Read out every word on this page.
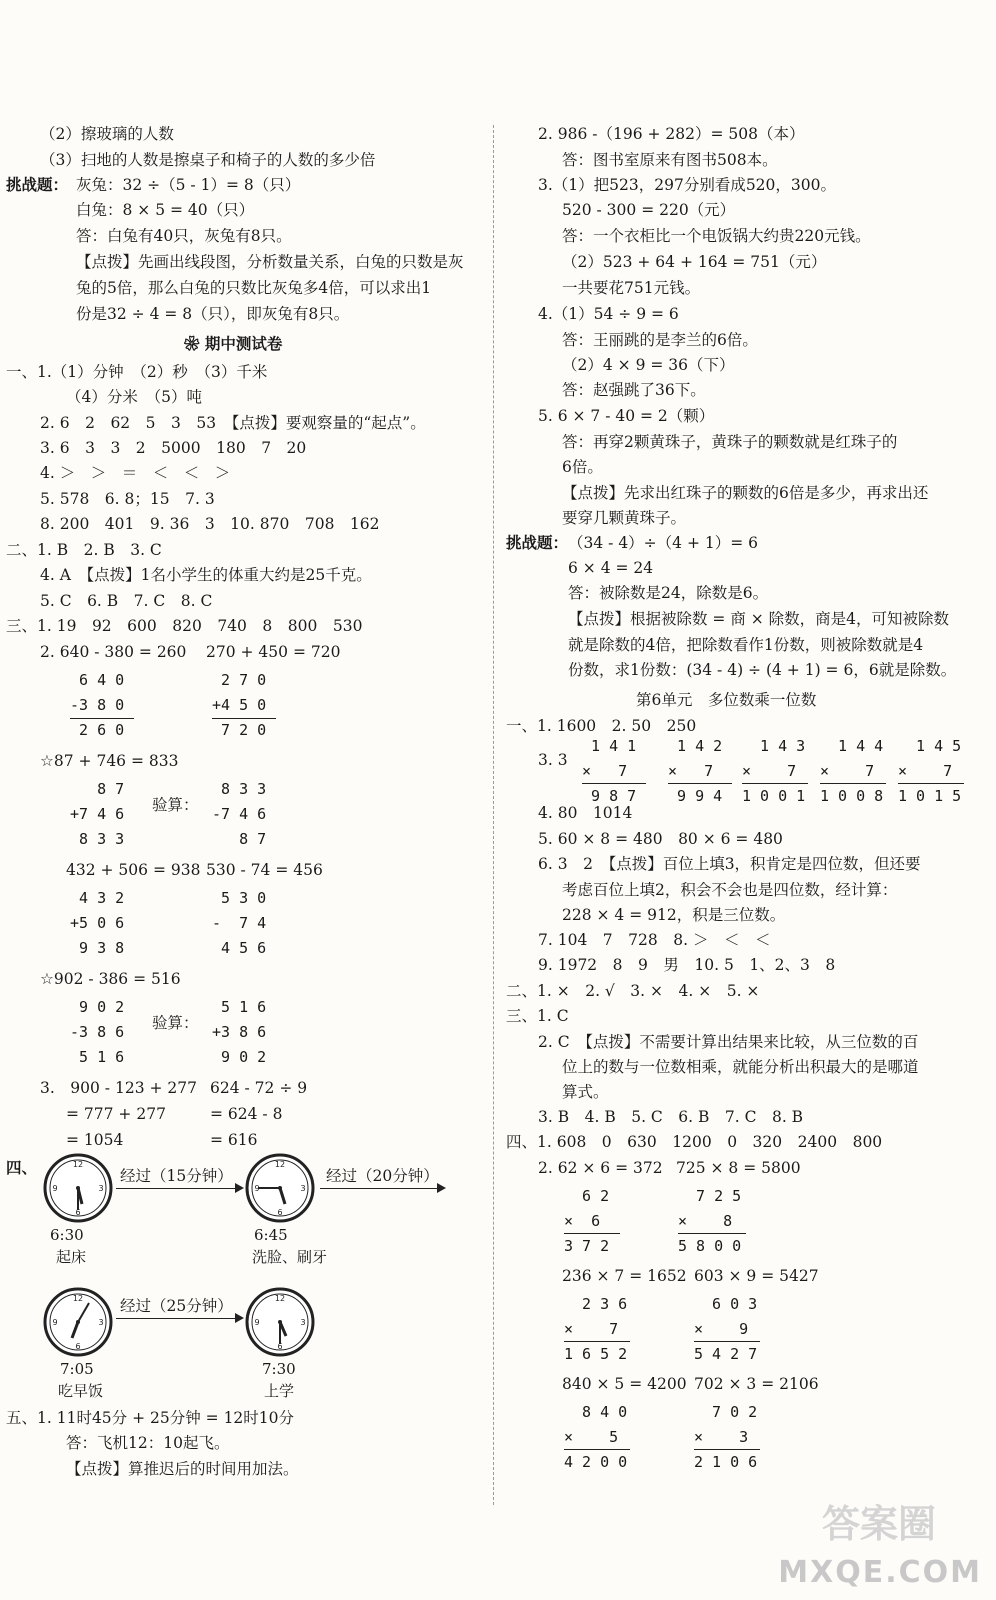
（2）擦玻璃的人数
（3）扫地的人数是擦桌子和椅子的人数的多少倍
挑战题： 灰兔：32 ÷（5 - 1）= 8（只）
白兔：8 × 5 = 40（只）
答：白兔有40只，灰兔有8只。
【点拨】先画出线段图，分析数量关系，白兔的只数是灰
兔的5倍，那么白兔的只数比灰兔多4倍，可以求出1
份是32 ÷ 4 = 8（只），即灰兔有8只。
❀ 期中测试卷
一、1.（1）分钟　（2）秒　（3）千米
（4）分米　（5）吨
2. 6　2　62　5　3　53　【点拨】要观察量的“起点”。
3. 6　3　3　2　5000　180　7　20
4. ＞　＞　＝　＜　＜　＞
5. 578　6. 8；15　7. 3
8. 200　401　9. 36　3　10. 870　708　162
二、1. B　2. B　3. C
4. A　【点拨】1名小学生的体重大约是25千克。
5. C　6. B　7. C　8. C
三、1. 19　92　600　820　740　8　800　530
2. 640 - 380 = 260 270 + 450 = 720
6 4 0
-3 8 0
2 6 0
2 7 0
+4 5 0
7 2 0
☆87 + 746 = 833
8 7
+7 4 6
8 3 3
验算：
8 3 3
-7 4 6
8 7
432 + 506 = 938 530 - 74 = 456
4 3 2
+5 0 6
9 3 8
5 3 0
-  7 4
4 5 6
☆902 - 386 = 516
9 0 2
-3 8 6
5 1 6
验算：
5 1 6
+3 8 6
9 0 2
3.　900 - 123 + 277 624 - 72 ÷ 9
= 777 + 277	= 624 - 8
= 1054	= 616
四、	12
3
6
9
6:30
起床
经过（15分钟）
12
3
6
9
6:45
洗脸、刷牙
经过（20分钟）
12
3
6
9
7:05
吃早饭
经过（25分钟）	12
3
6
9
7:30
上学
五、1. 11时45分 + 25分钟 = 12时10分
答：飞机12：10起飞。
【点拨】算推迟后的时间用加法。
2. 986 -（196 + 282）= 508（本）
答：图书室原来有图书508本。
3.（1）把523，297分别看成520，300。
520 - 300 = 220（元）
答：一个衣柜比一个电饭锅大约贵220元钱。
（2）523 + 64 + 164 = 751（元）
一共要花751元钱。
4.（1）54 ÷ 9 = 6
答：王丽跳的是李兰的6倍。
（2）4 × 9 = 36（下）
答：赵强跳了36下。
5. 6 × 7 - 40 = 2（颗）
答：再穿2颗黄珠子，黄珠子的颗数就是红珠子的
6倍。
【点拨】先求出红珠子的颗数的6倍是多少，再求出还
要穿几颗黄珠子。
挑战题： （34 - 4）÷（4 + 1）= 6
6 × 4 = 24
答：被除数是24，除数是6。
【点拨】根据被除数 = 商 × 除数，商是4，可知被除数
就是除数的4倍，把除数看作1份数，则被除数就是4
份数，求1份数：(34 - 4) ÷ (4 + 1) = 6，6就是除数。
第6单元　多位数乘一位数
一、1. 1600　2. 50　250
3. 3
1 4 1
×   7
9 8 7
1 4 2
×   7
9 9 4
1 4 3
×    7
1 0 0 1
1 4 4
×    7
1 0 0 8
1 4 5
×    7
1 0 1 5
4. 80　1014
5. 60 × 8 = 480　80 × 6 = 480
6. 3　2　【点拨】百位上填3，积肯定是四位数，但还要
考虑百位上填2，积会不会也是四位数，经计算：
228 × 4 = 912，积是三位数。
7. 104　7　728　8. ＞　＜　＜
9. 1972　8　9　男　10. 5　1、2、3　8
二、1. ×　2. √　3. ×　4. ×　5. ×
三、1. C
2. C　【点拨】不需要计算出结果来比较，从三位数的百
位上的数与一位数相乘，就能分析出积最大的是哪道
算式。
3. B　4. B　5. C　6. B　7. C　8. B
四、1. 608　0　630　1200　0　320　2400　800
2. 62 × 6 = 372 725 × 8 = 5800
6 2
×  6
3 7 2
7 2 5
×    8
5 8 0 0
236 × 7 = 1652 603 × 9 = 5427
2 3 6
×    7
1 6 5 2
6 0 3
×    9
5 4 2 7
840 × 5 = 4200 702 × 3 = 2106
8 4 0
×    5
4 2 0 0
7 0 2
×    3
2 1 0 6
答案圈
MXQE.COM
